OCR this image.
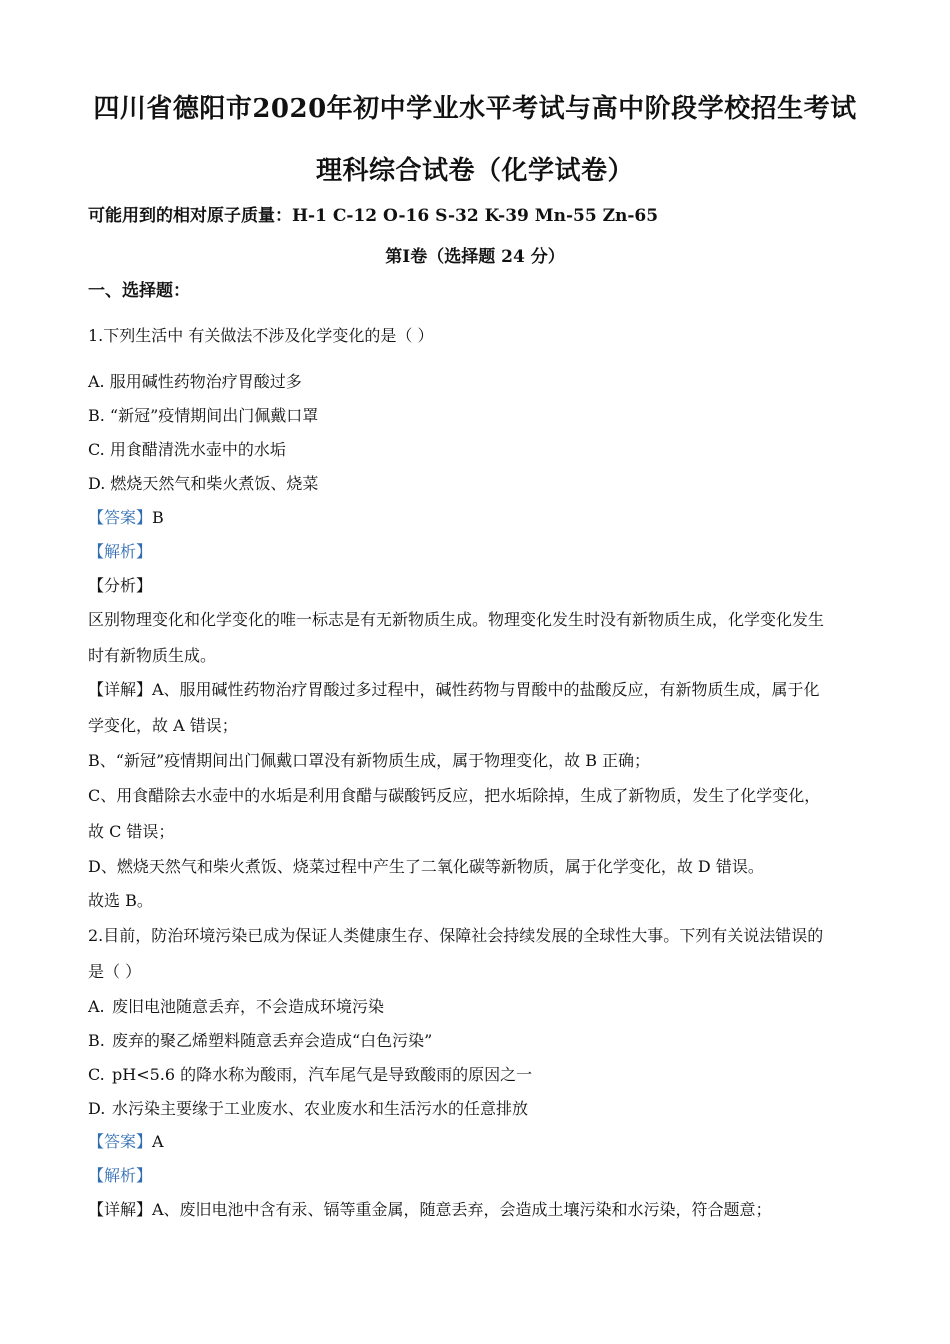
四川省德阳市2020年初中学业水平考试与高中阶段学校招生考试
理科综合试卷（化学试卷）
可能用到的相对原子质量：H-1 C-12 O-16 S-32 K-39 Mn-55 Zn-65
第Ⅰ卷（选择题 24 分）
一、选择题：
1.下列生活中 有关做法不涉及化学变化的是（ ）
A. 服用碱性药物治疗胃酸过多
B. “新冠”疫情期间出门佩戴口罩
C. 用食醋清洗水壶中的水垢
D. 燃烧天然气和柴火煮饭、烧菜
【答案】B
【解析】
【分析】
区别物理变化和化学变化的唯一标志是有无新物质生成。物理变化发生时没有新物质生成，化学变化发生
时有新物质生成。
【详解】A、服用碱性药物治疗胃酸过多过程中，碱性药物与胃酸中的盐酸反应，有新物质生成，属于化
学变化，故 A 错误；
B、“新冠”疫情期间出门佩戴口罩没有新物质生成，属于物理变化，故 B 正确；
C、用食醋除去水壶中的水垢是利用食醋与碳酸钙反应，把水垢除掉，生成了新物质，发生了化学变化，
故 C 错误；
D、燃烧天然气和柴火煮饭、烧菜过程中产生了二氧化碳等新物质，属于化学变化，故 D 错误。
故选 B。
2.目前，防治环境污染已成为保证人类健康生存、保障社会持续发展的全球性大事。下列有关说法错误的
是（ ）
A. 废旧电池随意丢弃，不会造成环境污染
B. 废弃的聚乙烯塑料随意丢弃会造成“白色污染”
C. pH<5.6 的降水称为酸雨，汽车尾气是导致酸雨的原因之一
D. 水污染主要缘于工业废水、农业废水和生活污水的任意排放
【答案】A
【解析】
【详解】A、废旧电池中含有汞、镉等重金属，随意丢弃，会造成土壤污染和水污染，符合题意；
